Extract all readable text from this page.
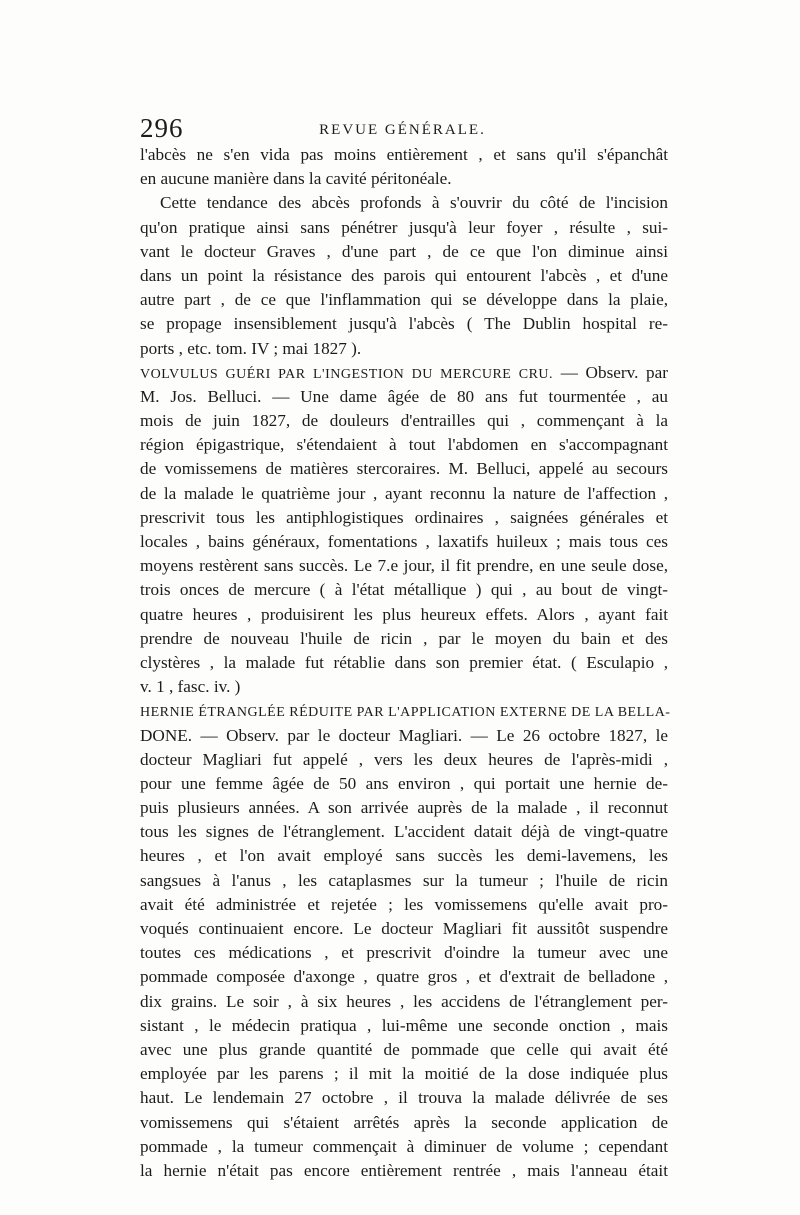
296	REVUE GÉNÉRALE.
l'abcès ne s'en vida pas moins entièrement , et sans qu'il s'épanchât
en aucune manière dans la cavité péritonéale.
Cette tendance des abcès profonds à s'ouvrir du côté de l'incision
qu'on pratique ainsi sans pénétrer jusqu'à leur foyer , résulte , sui-
vant le docteur Graves , d'une part , de ce que l'on diminue ainsi
dans un point la résistance des parois qui entourent l'abcès , et d'une
autre part , de ce que l'inflammation qui se développe dans la plaie,
se propage insensiblement jusqu'à l'abcès ( The Dublin hospital re-
ports , etc. tom. IV ; mai 1827 ).
VOLVULUS GUÉRI PAR L'INGESTION DU MERCURE CRU. — Observ. par
M. Jos. Belluci. — Une dame âgée de 80 ans fut tourmentée , au
mois de juin 1827, de douleurs d'entrailles qui , commençant à la
région épigastrique, s'étendaient à tout l'abdomen en s'accompagnant
de vomissemens de matières stercoraires. M. Belluci, appelé au secours
de la malade le quatrième jour , ayant reconnu la nature de l'affection ,
prescrivit tous les antiphlogistiques ordinaires , saignées générales et
locales , bains généraux, fomentations , laxatifs huileux ; mais tous ces
moyens restèrent sans succès. Le 7.e jour, il fit prendre, en une seule dose,
trois onces de mercure ( à l'état métallique ) qui , au bout de vingt-
quatre heures , produisirent les plus heureux effets. Alors , ayant fait
prendre de nouveau l'huile de ricin , par le moyen du bain et des
clystères , la malade fut rétablie dans son premier état. ( Esculapio ,
v. 1 , fasc. iv. )
HERNIE ÉTRANGLÉE RÉDUITE PAR L'APPLICATION EXTERNE DE LA BELLA-
DONE. — Observ. par le docteur Magliari. — Le 26 octobre 1827, le
docteur Magliari fut appelé , vers les deux heures de l'après-midi ,
pour une femme âgée de 50 ans environ , qui portait une hernie de-
puis plusieurs années. A son arrivée auprès de la malade , il reconnut
tous les signes de l'étranglement. L'accident datait déjà de vingt-quatre
heures , et l'on avait employé sans succès les demi-lavemens, les
sangsues à l'anus , les cataplasmes sur la tumeur ; l'huile de ricin
avait été administrée et rejetée ; les vomissemens qu'elle avait pro-
voqués continuaient encore. Le docteur Magliari fit aussitôt suspendre
toutes ces médications , et prescrivit d'oindre la tumeur avec une
pommade composée d'axonge , quatre gros , et d'extrait de belladone ,
dix grains. Le soir , à six heures , les accidens de l'étranglement per-
sistant , le médecin pratiqua , lui-même une seconde onction , mais
avec une plus grande quantité de pommade que celle qui avait été
employée par les parens ; il mit la moitié de la dose indiquée plus
haut. Le lendemain 27 octobre , il trouva la malade délivrée de ses
vomissemens qui s'étaient arrêtés après la seconde application de
pommade , la tumeur commençait à diminuer de volume ; cependant
la hernie n'était pas encore entièrement rentrée , mais l'anneau était
